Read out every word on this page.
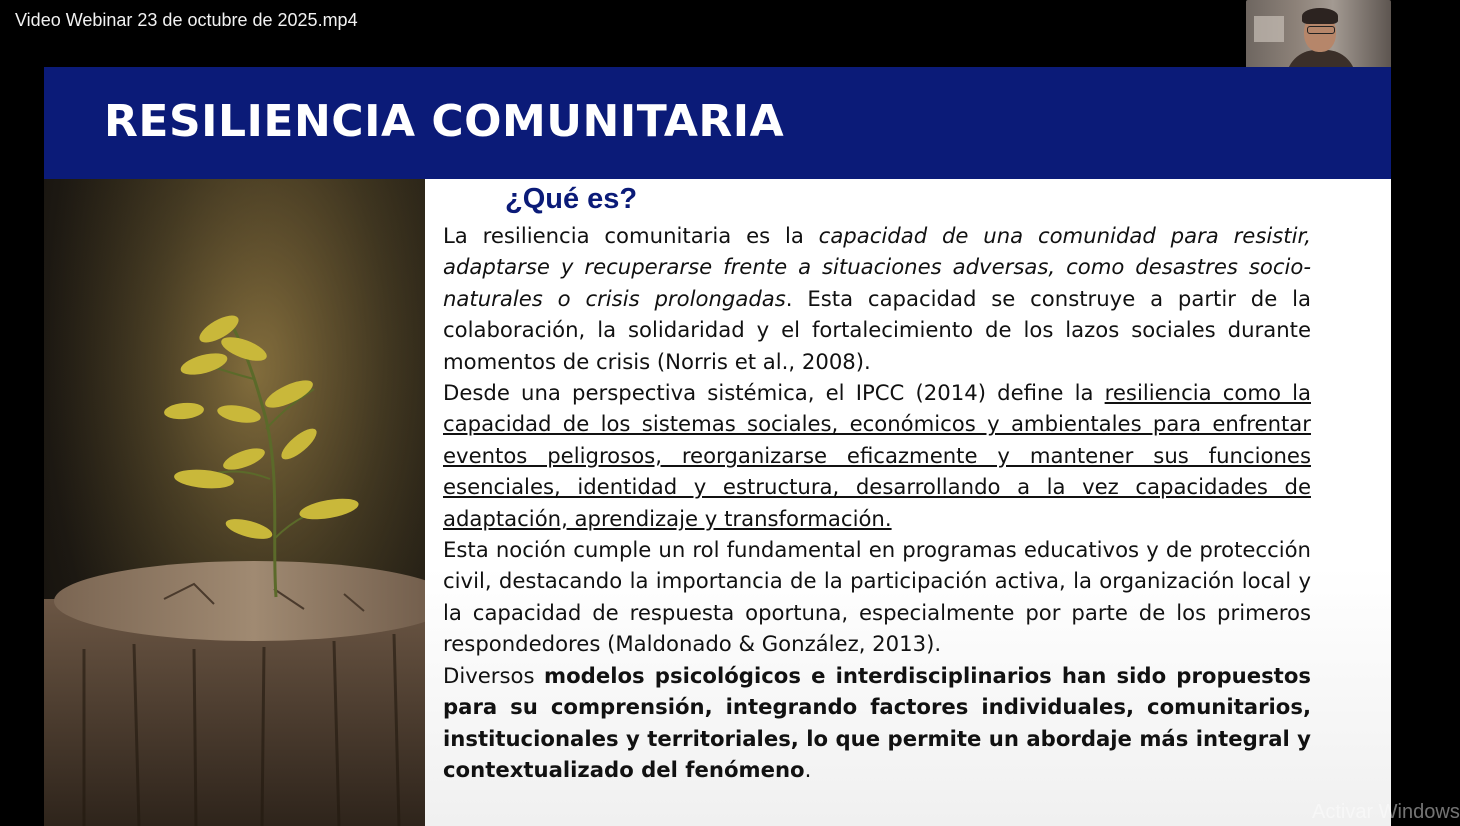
Video Webinar 23 de octubre de 2025.mp4
RESILIENCIA COMUNITARIA
¿Qué es?

La resiliencia comunitaria es la capacidad de una comunidad para resistir, adaptarse y recuperarse frente a situaciones adversas, como desastres socio-naturales o crisis prolongadas. Esta capacidad se construye a partir de la colaboración, la solidaridad y el fortalecimiento de los lazos sociales durante momentos de crisis (Norris et al., 2008).

Desde una perspectiva sistémica, el IPCC (2014) define la resiliencia como la capacidad de los sistemas sociales, económicos y ambientales para enfrentar eventos peligrosos, reorganizarse eficazmente y mantener sus funciones esenciales, identidad y estructura, desarrollando a la vez capacidades de adaptación, aprendizaje y transformación.

Esta noción cumple un rol fundamental en programas educativos y de protección civil, destacando la importancia de la participación activa, la organización local y la capacidad de respuesta oportuna, especialmente por parte de los primeros respondedores (Maldonado & González, 2013).

Diversos modelos psicológicos e interdisciplinarios han sido propuestos para su comprensión, integrando factores individuales, comunitarios, institucionales y territoriales, lo que permite un abordaje más integral y contextualizado del fenómeno.

Activar Windows
